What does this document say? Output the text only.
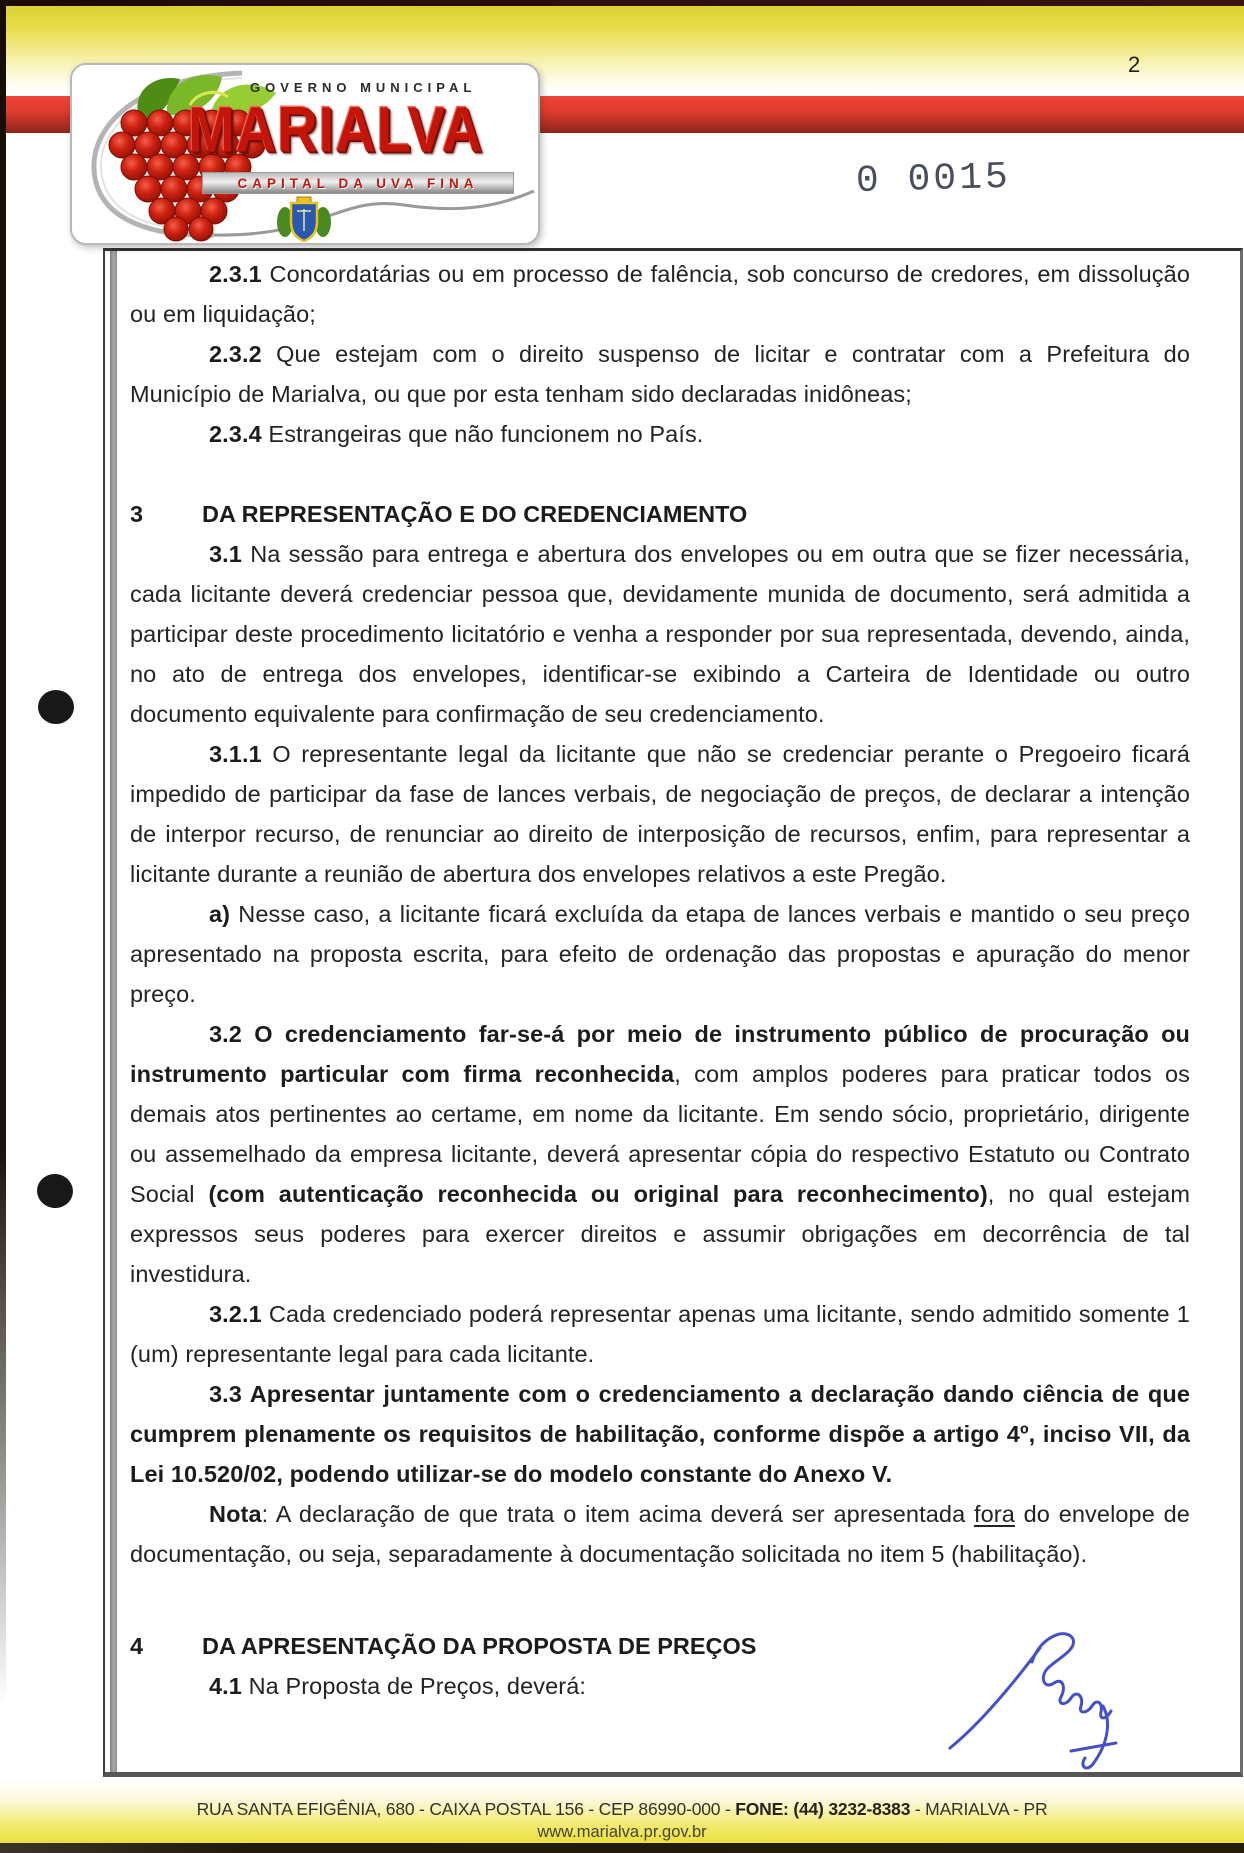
2
0 0015
GOVERNO MUNICIPAL
MARIALVA
CAPITAL DA UVA FINA

2.3.1 Concordatárias ou em processo de falência, sob concurso de credores, em dissolução ou em liquidação;

2.3.2 Que estejam com o direito suspenso de licitar e contratar com a Prefeitura do Município de Marialva, ou que por esta tenham sido declaradas inidôneas;

2.3.4 Estrangeiras que não funcionem no País.

3	DA REPRESENTAÇÃO E DO CREDENCIAMENTO

3.1 Na sessão para entrega e abertura dos envelopes ou em outra que se fizer necessária, cada licitante deverá credenciar pessoa que, devidamente munida de documento, será admitida a participar deste procedimento licitatório e venha a responder por sua representada, devendo, ainda, no ato de entrega dos envelopes, identificar-se exibindo a Carteira de Identidade ou outro documento equivalente para confirmação de seu credenciamento.

3.1.1 O representante legal da licitante que não se credenciar perante o Pregoeiro ficará impedido de participar da fase de lances verbais, de negociação de preços, de declarar a intenção de interpor recurso, de renunciar ao direito de interposição de recursos, enfim, para representar a licitante durante a reunião de abertura dos envelopes relativos a este Pregão.

a) Nesse caso, a licitante ficará excluída da etapa de lances verbais e mantido o seu preço apresentado na proposta escrita, para efeito de ordenação das propostas e apuração do menor preço.

3.2 O credenciamento far-se-á por meio de instrumento público de procuração ou instrumento particular com firma reconhecida, com amplos poderes para praticar todos os demais atos pertinentes ao certame, em nome da licitante. Em sendo sócio, proprietário, dirigente ou assemelhado da empresa licitante, deverá apresentar cópia do respectivo Estatuto ou Contrato Social (com autenticação reconhecida ou original para reconhecimento), no qual estejam expressos seus poderes para exercer direitos e assumir obrigações em decorrência de tal investidura.

3.2.1 Cada credenciado poderá representar apenas uma licitante, sendo admitido somente 1 (um) representante legal para cada licitante.

3.3 Apresentar juntamente com o credenciamento a declaração dando ciência de que cumprem plenamente os requisitos de habilitação, conforme dispõe a artigo 4º, inciso VII, da Lei 10.520/02, podendo utilizar-se do modelo constante do Anexo V.

Nota: A declaração de que trata o item acima deverá ser apresentada fora do envelope de documentação, ou seja, separadamente à documentação solicitada no item 5 (habilitação).

4	DA APRESENTAÇÃO DA PROPOSTA DE PREÇOS

4.1 Na Proposta de Preços, deverá:

RUA SANTA EFIGÊNIA, 680 - CAIXA POSTAL 156 - CEP 86990-000 - FONE: (44) 3232-8383 - MARIALVA - PR
www.marialva.pr.gov.br
